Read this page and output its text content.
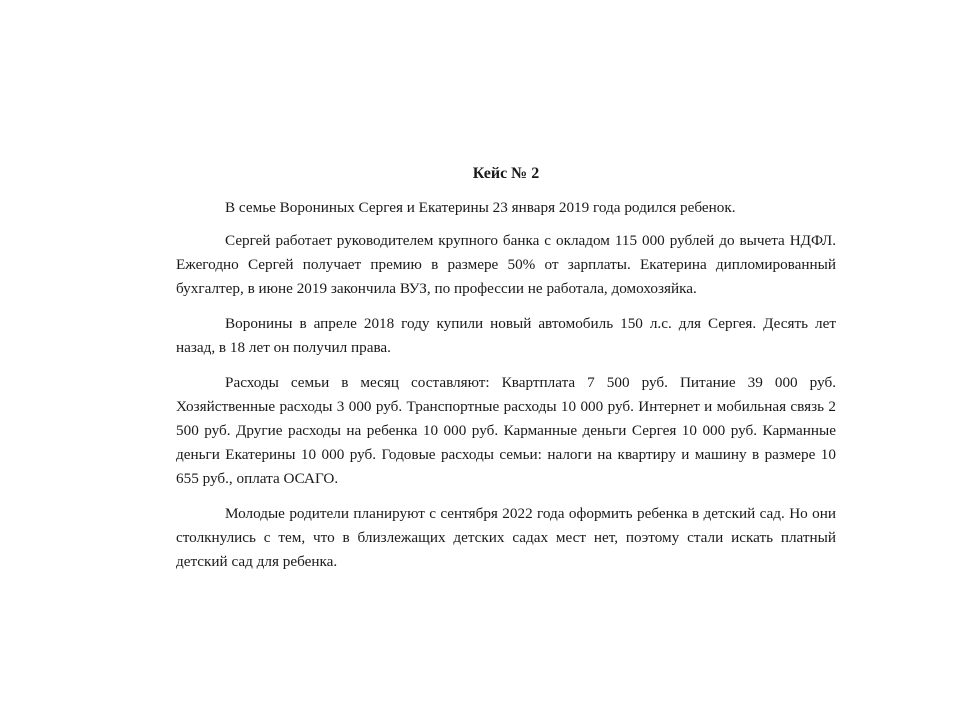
Кейс № 2

В семье Ворониных Сергея и Екатерины 23 января 2019 года родился ребенок.

Сергей работает руководителем крупного банка с окладом 115 000 рублей до вычета НДФЛ. Ежегодно Сергей получает премию в размере 50% от зарплаты. Екатерина дипломированный бухгалтер, в июне 2019 закончила ВУЗ, по профессии не работала, домохозяйка.

Воронины в апреле 2018 году купили новый автомобиль 150 л.с. для Сергея. Десять лет назад, в 18 лет он получил права.

Расходы семьи в месяц составляют: Квартплата 7 500 руб. Питание 39 000 руб. Хозяйственные расходы 3 000 руб. Транспортные расходы 10 000 руб. Интернет и мобильная связь 2 500 руб. Другие расходы на ребенка 10 000 руб. Карманные деньги Сергея 10 000 руб. Карманные деньги Екатерины 10 000 руб. Годовые расходы семьи: налоги на квартиру и машину в размере 10 655 руб., оплата ОСАГО.

Молодые родители планируют с сентября 2022 года оформить ребенка в детский сад. Но они столкнулись с тем, что в близлежащих детских садах мест нет, поэтому стали искать платный детский сад для ребенка.
